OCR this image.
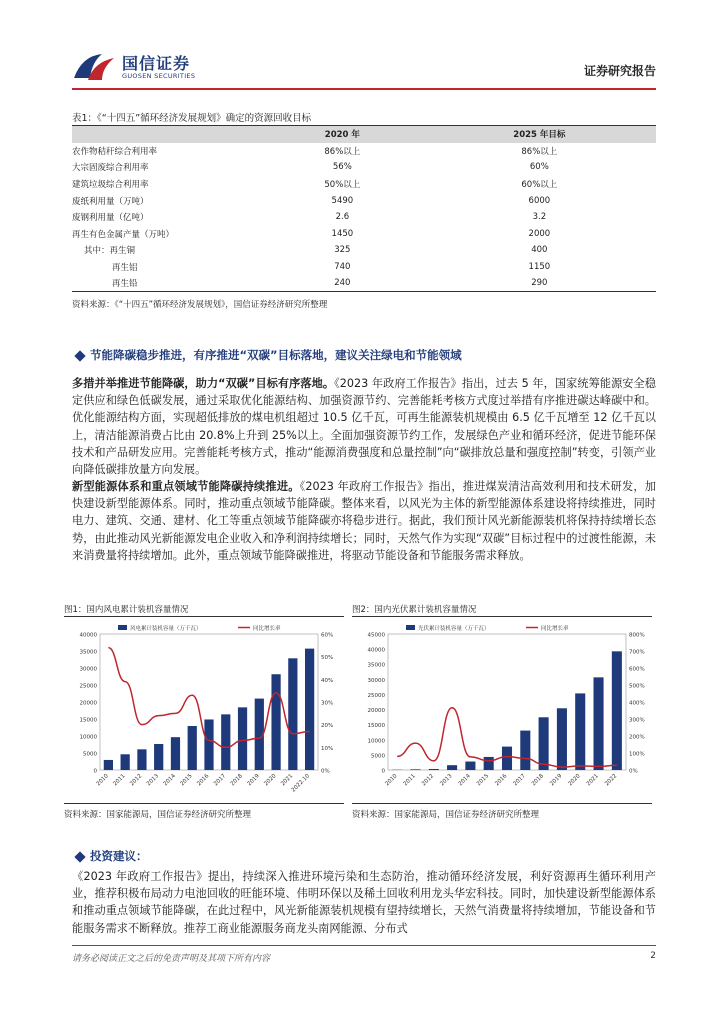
国信证券
GUOSEN SECURITIES	证券研究报告
表1：《“十四五”循环经济发展规划》确定的资源回收目标
	2020 年	2025 年目标
农作物秸秆综合利用率	86%以上	86%以上
大宗固废综合利用率	56%	60%
建筑垃圾综合利用率	50%以上	60%以上
废纸利用量（万吨）	5490	6000
废钢利用量（亿吨）	2.6	3.2
再生有色金属产量（万吨）	1450	2000
其中：再生铜	325	400
再生铝	740	1150
再生铅	240	290
资料来源：《“十四五”循环经济发展规划》，国信证券经济研究所整理
节能降碳稳步推进，有序推进“双碳”目标落地，建议关注绿电和节能领域
多措并举推进节能降碳，助力“双碳”目标有序落地。《2023 年政府工作报告》指出，过去 5 年，国家统筹能源安全稳定供应和绿色低碳发展，通过采取优化能源结构、加强资源节约、完善能耗考核方式度过举措有序推进碳达峰碳中和。优化能源结构方面，实现超低排放的煤电机组超过 10.5 亿千瓦，可再生能源装机规模由 6.5 亿千瓦增至 12 亿千瓦以上，清洁能源消费占比由 20.8%上升到 25%以上。全面加强资源节约工作，发展绿色产业和循环经济，促进节能环保技术和产品研发应用。完善能耗考核方式，推动“能源消费强度和总量控制”向“碳排放总量和强度控制”转变，引领产业向降低碳排放量方向发展。
新型能源体系和重点领域节能降碳持续推进。《2023 年政府工作报告》指出，推进煤炭清洁高效利用和技术研发，加快建设新型能源体系。同时，推动重点领域节能降碳。整体来看，以风光为主体的新型能源体系建设将持续推进，同时电力、建筑、交通、建材、化工等重点领域节能降碳亦将稳步进行。据此，我们预计风光新能源装机将保持持续增长态势，由此推动风光新能源发电企业收入和净利润持续增长；同时，天然气作为实现“双碳”目标过程中的过渡性能源，未来消费量将持续增加。此外，重点领域节能降碳推进，将驱动节能设备和节能服务需求释放。
图1：国内风电累计装机容量情况
0
5000
10000
15000
20000
25000
30000
35000
40000
0%
10%
20%
30%
40%
50%
60%
风电累计装机容量（万千瓦）	同比增长率
2010 2011 2012 2013 2014 2015 2016 2017 2018 2019 2020 2021
2022.10
资料来源：国家能源局，国信证券经济研究所整理
图2：国内光伏累计装机容量情况
0
5000
10000
15000
20000
25000
30000
35000
40000
45000
0%
100%
200%
300%
400%
500%
600%
700%
800%
光伏累计装机容量（万千瓦）	同比增长率
2010 2011 2012 2013 2014 2015 2016 2017 2018 2019 2020 2021 2022
资料来源：国家能源局，国信证券经济研究所整理
投资建议：
《2023 年政府工作报告》提出，持续深入推进环境污染和生态防治，推动循环经济发展，利好资源再生循环利用产业，推荐积极布局动力电池回收的旺能环境、伟明环保以及稀土回收利用龙头华宏科技。同时，加快建设新型能源体系和推动重点领域节能降碳，在此过程中，风光新能源装机规模有望持续增长，天然气消费量将持续增加，节能设备和节能服务需求不断释放。推荐工商业能源服务商龙头南网能源、分布式
请务必阅读正文之后的免责声明及其项下所有内容	2
